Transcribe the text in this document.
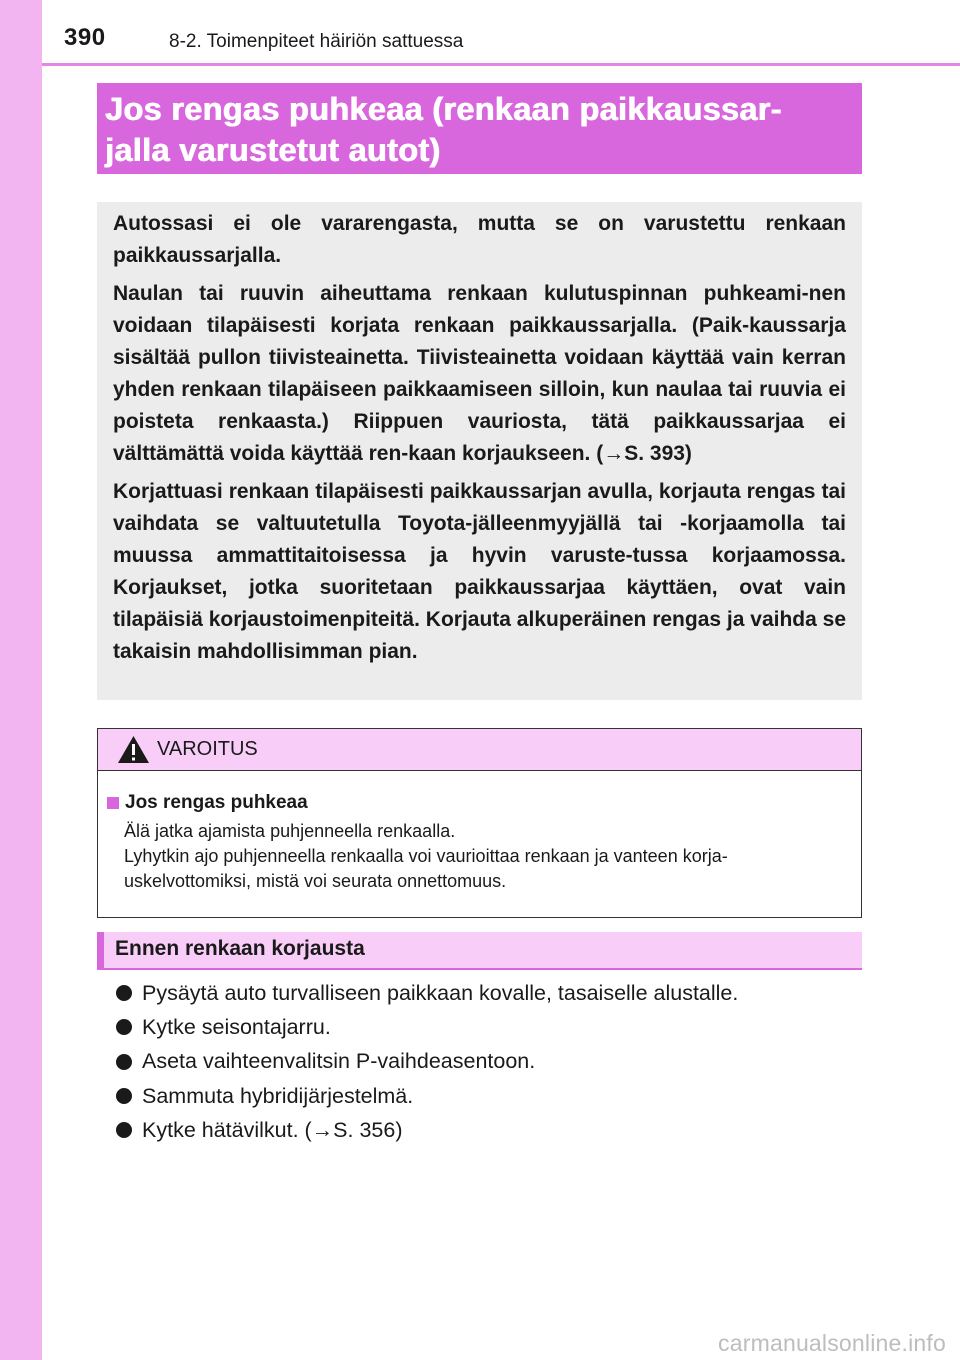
390	8-2. Toimenpiteet häiriön sattuessa
Jos rengas puhkeaa (renkaan paikkaussar-
jalla varustetut autot)

Autossasi ei ole vararengasta, mutta se on varustettu renkaan paikkaussarjalla.

Naulan tai ruuvin aiheuttama renkaan kulutuspinnan puhkeami-nen voidaan tilapäisesti korjata renkaan paikkaussarjalla. (Paik-kaussarja sisältää pullon tiivisteainetta. Tiivisteainetta voidaan käyttää vain kerran yhden renkaan tilapäiseen paikkaamiseen silloin, kun naulaa tai ruuvia ei poisteta renkaasta.) Riippuen vauriosta, tätä paikkaussarjaa ei välttämättä voida käyttää ren-kaan korjaukseen. (→S. 393)

Korjattuasi renkaan tilapäisesti paikkaussarjan avulla, korjauta rengas tai vaihdata se valtuutetulla Toyota-jälleenmyyjällä tai -korjaamolla tai muussa ammattitaitoisessa ja hyvin varuste-tussa korjaamossa. Korjaukset, jotka suoritetaan paikkaussarjaa käyttäen, ovat vain tilapäisiä korjaustoimenpiteitä. Korjauta alkuperäinen rengas ja vaihda se takaisin mahdollisimman pian.

VAROITUS
Jos rengas puhkeaa
Älä jatka ajamista puhjenneella renkaalla.
Lyhytkin ajo puhjenneella renkaalla voi vaurioittaa renkaan ja vanteen korja-uskelvottomiksi, mistä voi seurata onnettomuus.
Ennen renkaan korjausta
Pysäytä auto turvalliseen paikkaan kovalle, tasaiselle alustalle.
Kytke seisontajarru.
Aseta vaihteenvalitsin P-vaihdeasentoon.
Sammuta hybridijärjestelmä.
Kytke hätävilkut. (→S. 356)
carmanualsonline.info
